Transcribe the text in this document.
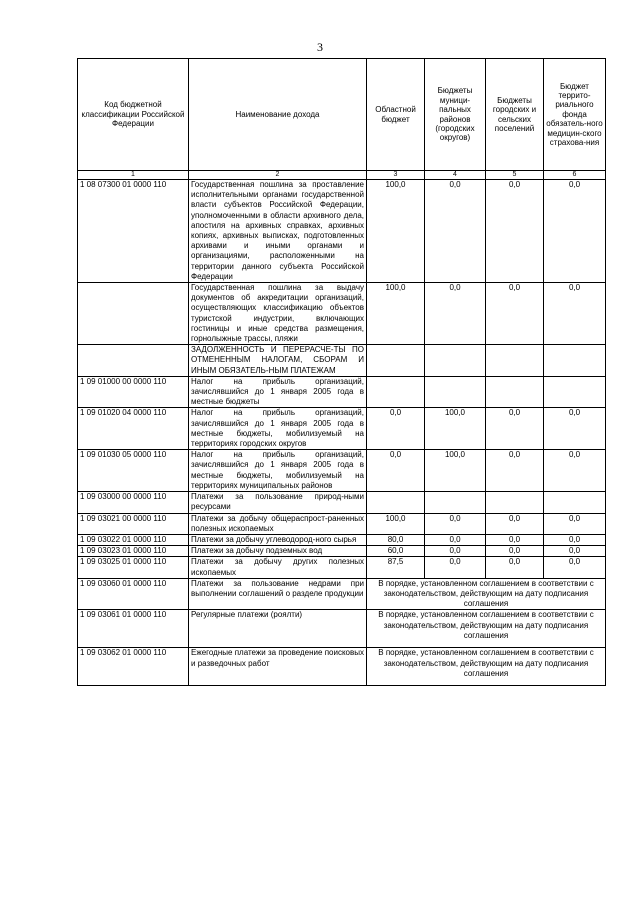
3
Код бюджетной классификации Российской Федерации	Наименование дохода	Областной бюджет	Бюджеты муници-пальных районов (городских округов)	Бюджеты городских и сельских поселений	Бюджет террито-риального фонда обязатель-ного медицин-ского страхова-ния
1	2	3	4	5	6
1 08 07300 01 0000 110	Государственная пошлина за проставление исполнительными органами государственной власти субъектов Российской Федерации, уполномоченными в области архивного дела, апостиля на архивных справках, архивных копиях, архивных выписках, подготовленных архивами и иными органами и организациями, расположенными на территории данного субъекта Российской Федерации	100,0	0,0	0,0	0,0
	Государственная пошлина за выдачу документов об аккредитации организаций, осуществляющих классификацию объектов туристской индустрии, включающих гостиницы и иные средства размещения, горнолыжные трассы, пляжи	100,0	0,0	0,0	0,0
	ЗАДОЛЖЕННОСТЬ И ПЕРЕРАСЧЕ-ТЫ ПО ОТМЕНЕННЫМ НАЛОГАМ, СБОРАМ И ИНЫМ ОБЯЗАТЕЛЬ-НЫМ ПЛАТЕЖАМ				
1 09 01000 00 0000 110	Налог на прибыль организаций, зачислявшийся до 1 января 2005 года в местные бюджеты				
1 09 01020 04 0000 110	Налог на прибыль организаций, зачислявшийся до 1 января 2005 года в местные бюджеты, мобилизуемый на территориях городских округов	0,0	100,0	0,0	0,0
1 09 01030 05 0000 110	Налог на прибыль организаций, зачислявшийся до 1 января 2005 года в местные бюджеты, мобилизуемый на территориях муниципальных районов	0,0	100,0	0,0	0,0
1 09 03000 00 0000 110	Платежи за пользование природ-ными ресурсами				
1 09 03021 00 0000 110	Платежи за добычу общераспрост-раненных полезных ископаемых	100,0	0,0	0,0	0,0
1 09 03022 01 0000 110	Платежи за добычу углеводород-ного сырья	80,0	0,0	0,0	0,0
1 09 03023 01 0000 110	Платежи за добычу подземных вод	60,0	0,0	0,0	0,0
1 09 03025 01 0000 110	Платежи за добычу других полезных ископаемых	87,5	0,0	0,0	0,0
1 09 03060 01 0000 110	Платежи за пользование недрами при выполнении соглашений о разделе продукции	В порядке, установленном соглашением в соответствии с законодательством, действующим на дату подписания соглашения			
1 09 03061 01 0000 110	Регулярные платежи (роялти)	В порядке, установленном соглашением в соответствии с законодательством, действующим на дату подписания соглашения			
1 09 03062 01 0000 110	Ежегодные платежи за проведение поисковых и разведочных работ	В порядке, установленном соглашением в соответствии с законодательством, действующим на дату подписания соглашения			
